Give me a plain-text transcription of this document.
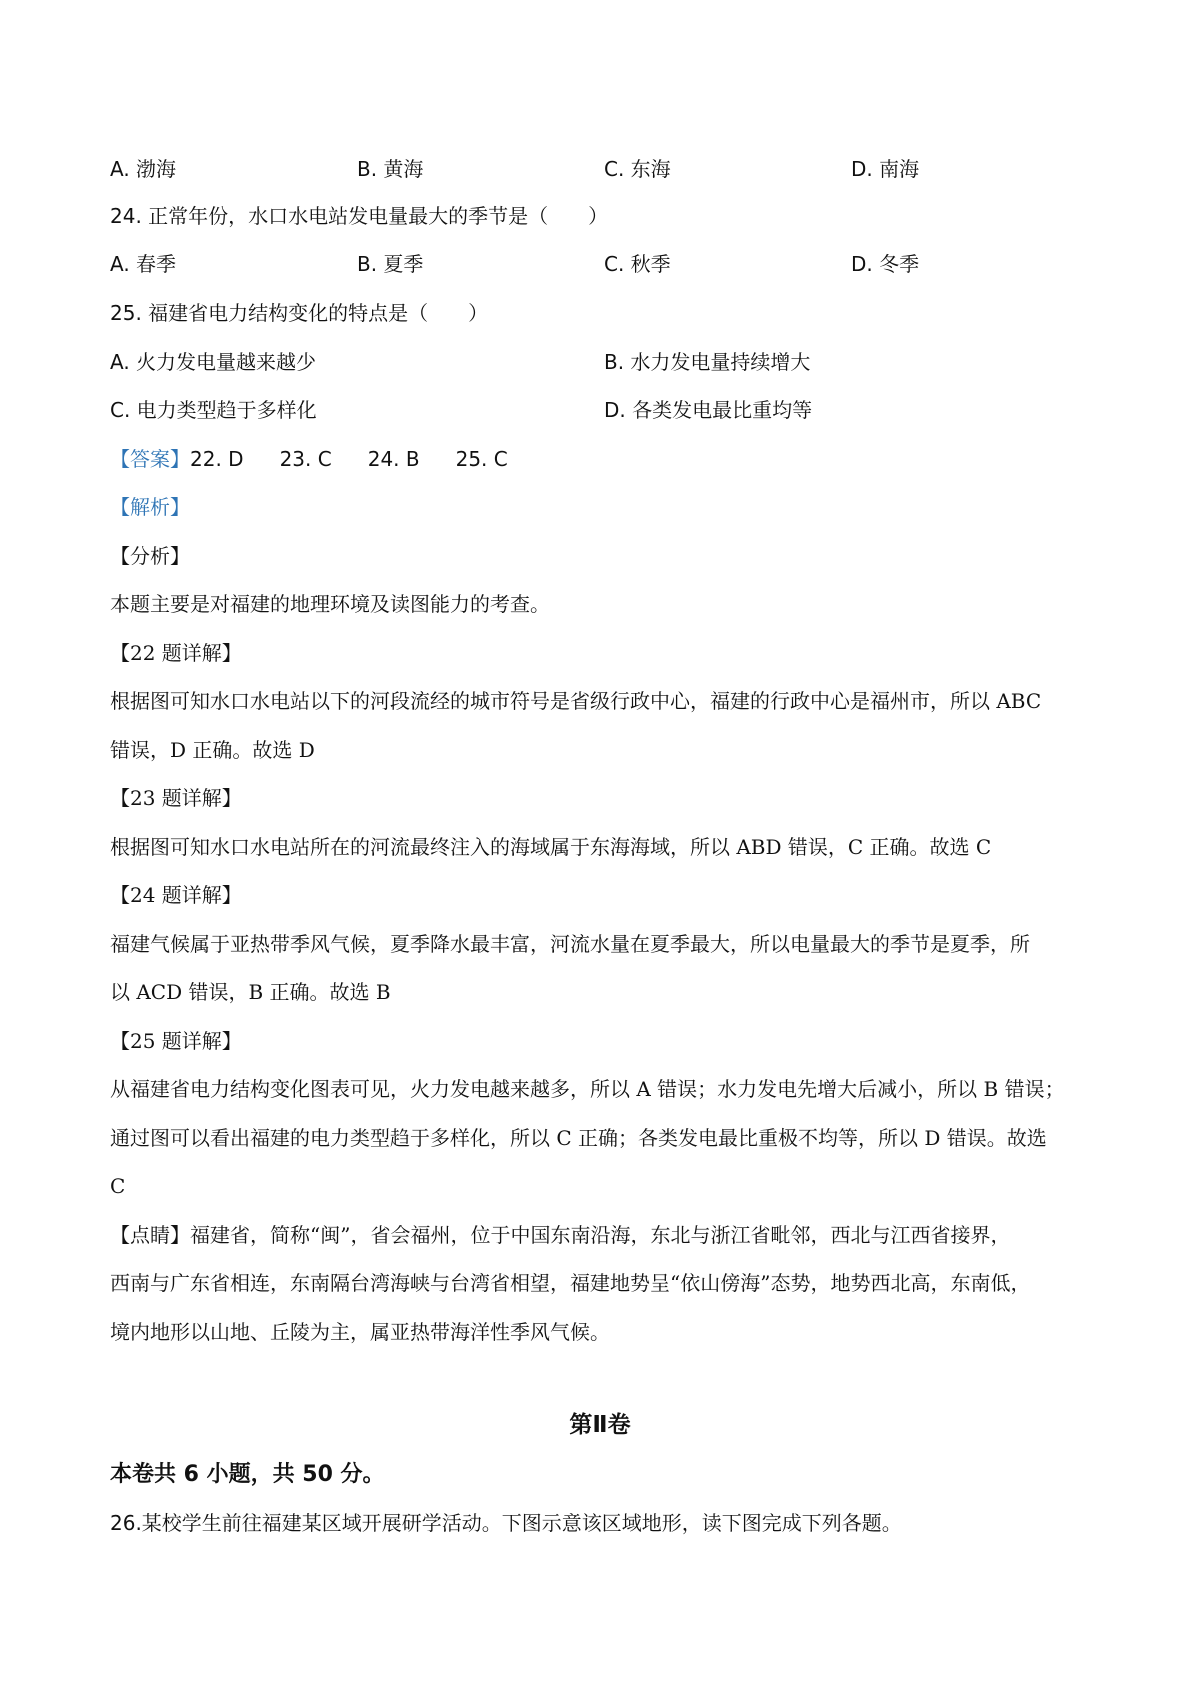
A. 渤海	B. 黄海	C. 东海	D. 南海
24. 正常年份，水口水电站发电量最大的季节是（　　）
A. 春季	B. 夏季	C. 秋季	D. 冬季
25. 福建省电力结构变化的特点是（　　）
A. 火力发电量越来越少	B. 水力发电量持续增大
C. 电力类型趋于多样化	D. 各类发电最比重均等
【答案】22. D 23. C 24. B 25. C
【解析】
【分析】
本题主要是对福建的地理环境及读图能力的考查。
【22 题详解】
根据图可知水口水电站以下的河段流经的城市符号是省级行政中心，福建的行政中心是福州市，所以 ABC
错误，D 正确。故选 D
【23 题详解】
根据图可知水口水电站所在的河流最终注入的海域属于东海海域，所以 ABD 错误，C 正确。故选 C
【24 题详解】
福建气候属于亚热带季风气候，夏季降水最丰富，河流水量在夏季最大，所以电量最大的季节是夏季，所
以 ACD 错误，B 正确。故选 B
【25 题详解】
从福建省电力结构变化图表可见，火力发电越来越多，所以 A 错误；水力发电先增大后减小，所以 B 错误；
通过图可以看出福建的电力类型趋于多样化，所以 C 正确；各类发电最比重极不均等，所以 D 错误。故选
C
【点睛】福建省，简称“闽”，省会福州，位于中国东南沿海，东北与浙江省毗邻，西北与江西省接界，
西南与广东省相连，东南隔台湾海峡与台湾省相望，福建地势呈“依山傍海”态势，地势西北高，东南低，
境内地形以山地、丘陵为主，属亚热带海洋性季风气候。
第Ⅱ卷
本卷共 6 小题，共 50 分。
26.某校学生前往福建某区域开展研学活动。下图示意该区域地形，读下图完成下列各题。
